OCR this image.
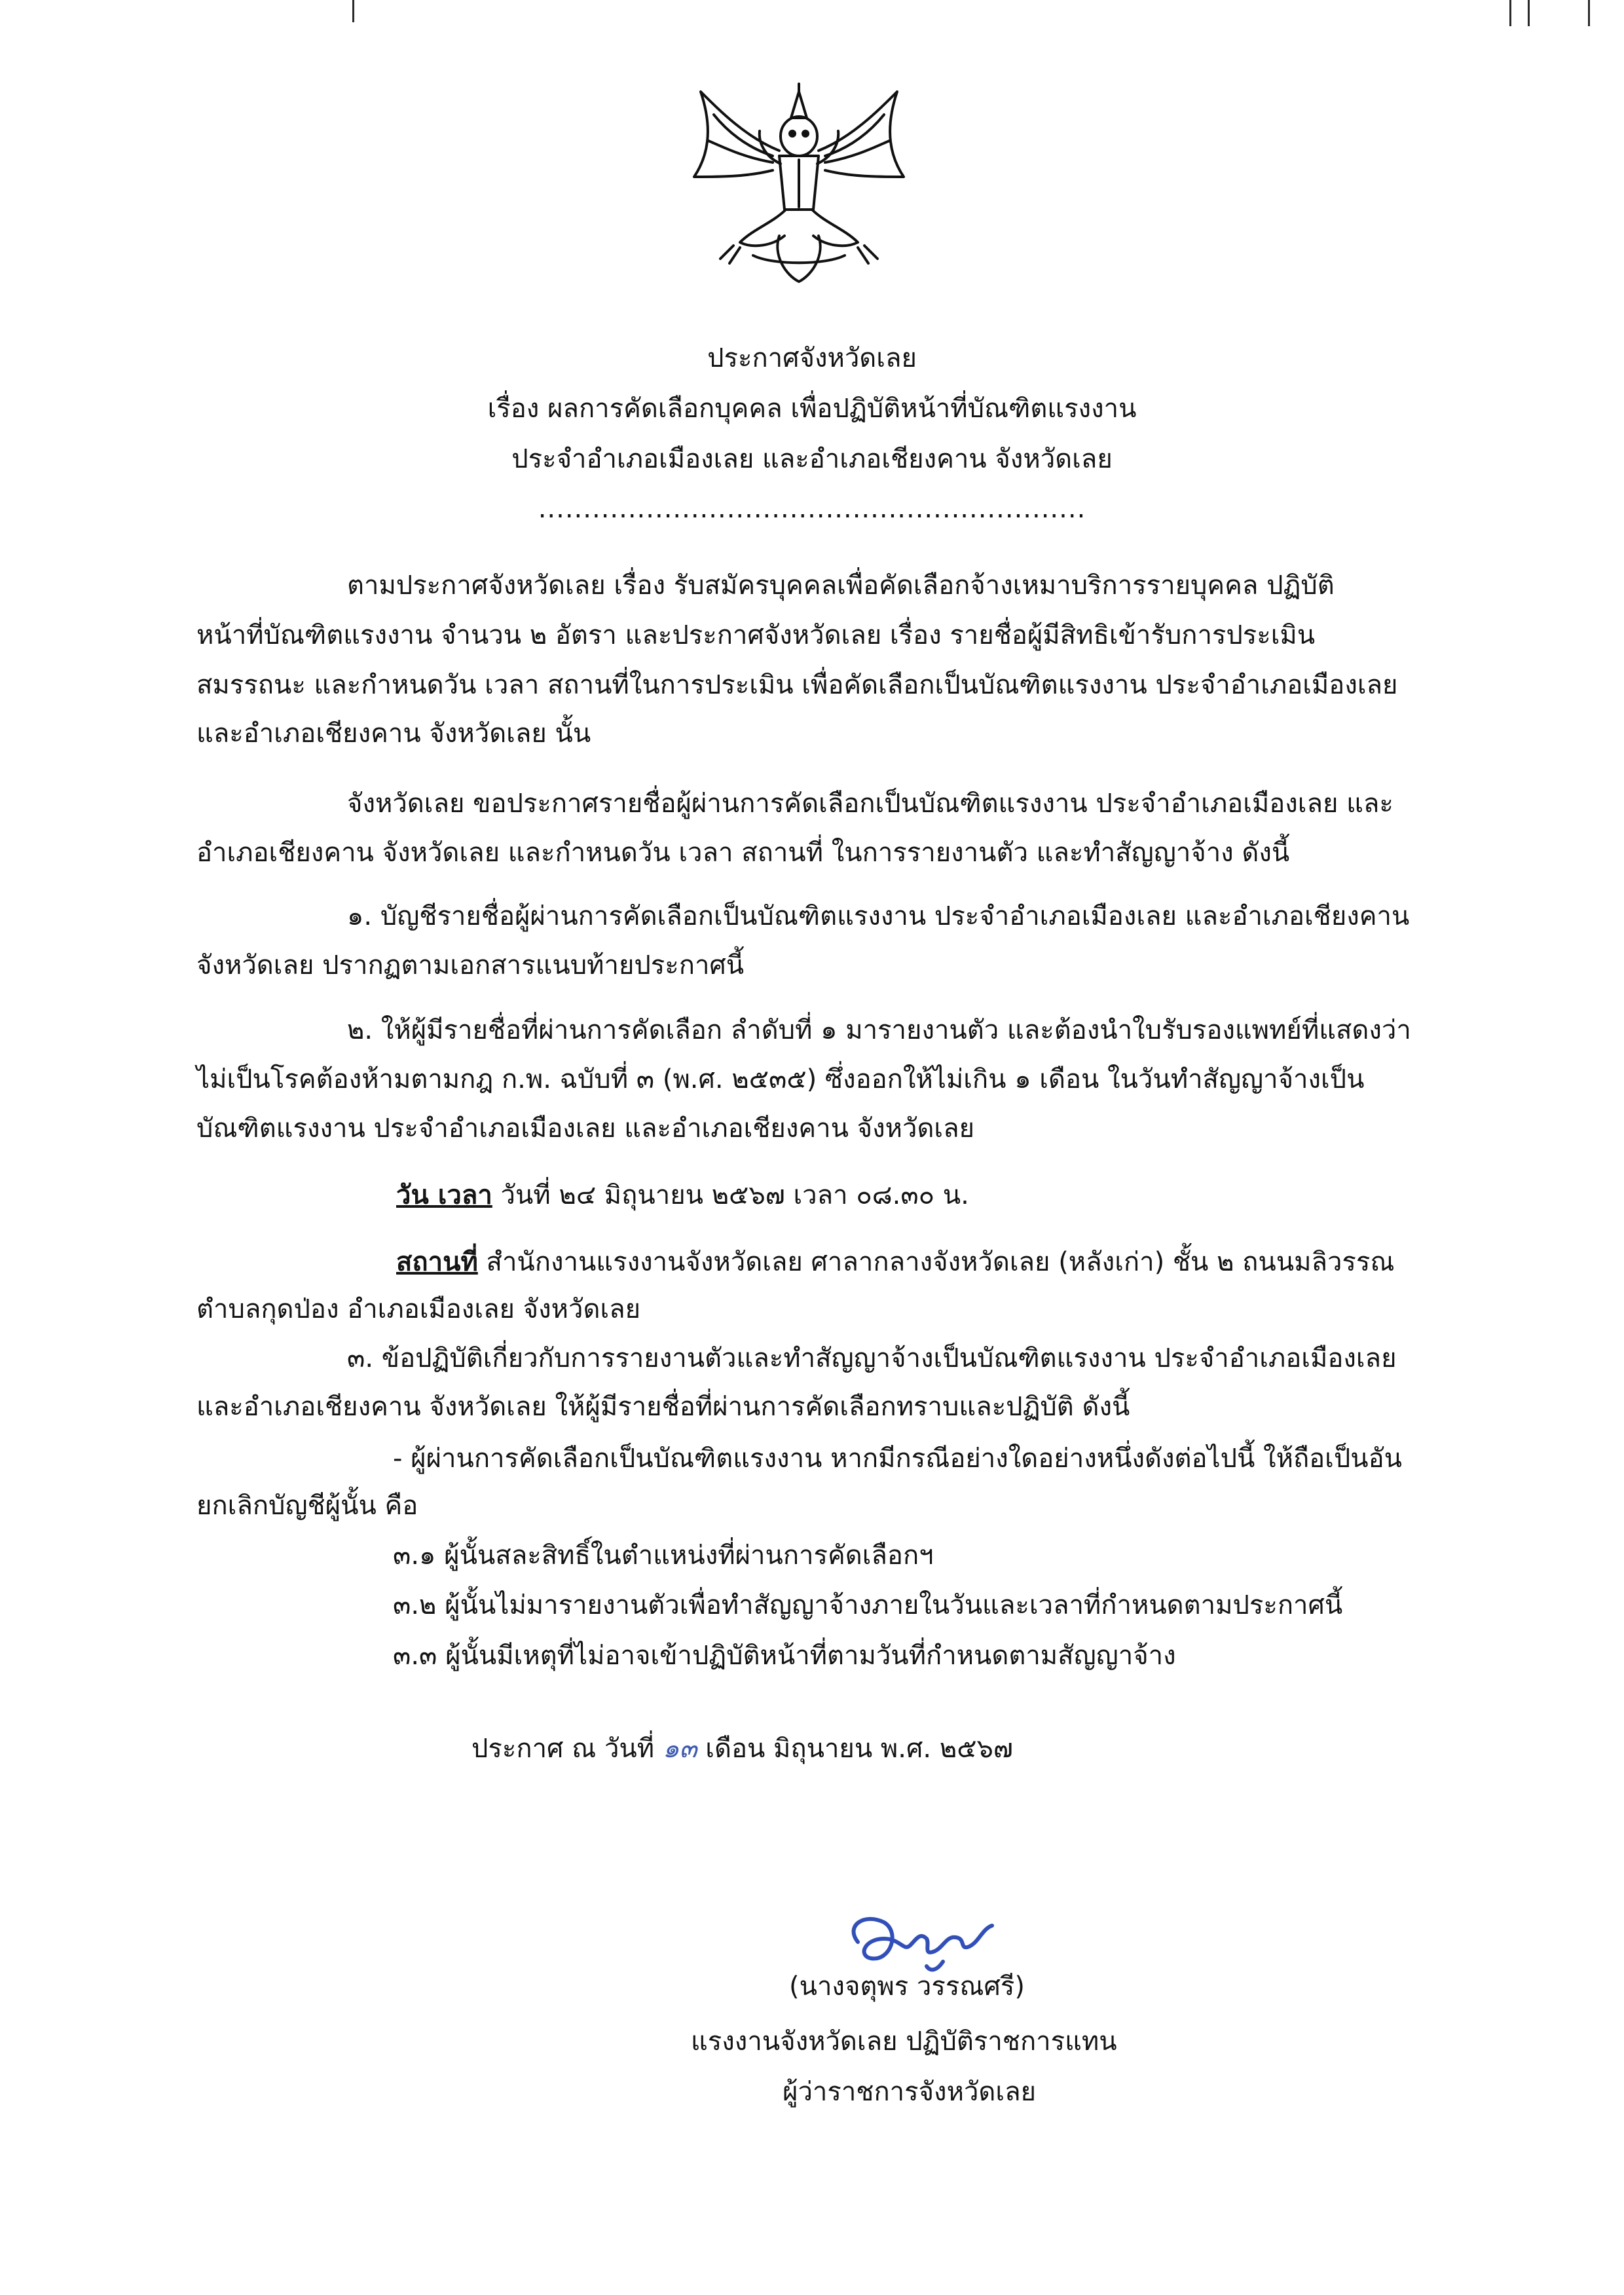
ประกาศจังหวัดเลย
เรื่อง ผลการคัดเลือกบุคคล เพื่อปฏิบัติหน้าที่บัณฑิตแรงงาน
ประจำอำเภอเมืองเลย และอำเภอเชียงคาน จังหวัดเลย
.............................................................
ตามประกาศจังหวัดเลย เรื่อง รับสมัครบุคคลเพื่อคัดเลือกจ้างเหมาบริการรายบุคคล ปฏิบัติ
หน้าที่บัณฑิตแรงงาน จำนวน ๒ อัตรา และประกาศจังหวัดเลย เรื่อง รายชื่อผู้มีสิทธิเข้ารับการประเมิน
สมรรถนะ และกำหนดวัน เวลา สถานที่ในการประเมิน เพื่อคัดเลือกเป็นบัณฑิตแรงงาน ประจำอำเภอเมืองเลย
และอำเภอเชียงคาน จังหวัดเลย นั้น
จังหวัดเลย ขอประกาศรายชื่อผู้ผ่านการคัดเลือกเป็นบัณฑิตแรงงาน ประจำอำเภอเมืองเลย และ
อำเภอเชียงคาน จังหวัดเลย และกำหนดวัน เวลา สถานที่ ในการรายงานตัว และทำสัญญาจ้าง ดังนี้
๑. บัญชีรายชื่อผู้ผ่านการคัดเลือกเป็นบัณฑิตแรงงาน ประจำอำเภอเมืองเลย และอำเภอเชียงคาน
จังหวัดเลย ปรากฏตามเอกสารแนบท้ายประกาศนี้
๒. ให้ผู้มีรายชื่อที่ผ่านการคัดเลือก ลำดับที่ ๑ มารายงานตัว และต้องนำใบรับรองแพทย์ที่แสดงว่า
ไม่เป็นโรคต้องห้ามตามกฎ ก.พ. ฉบับที่ ๓ (พ.ศ. ๒๕๓๕) ซึ่งออกให้ไม่เกิน ๑ เดือน ในวันทำสัญญาจ้างเป็น
บัณฑิตแรงงาน ประจำอำเภอเมืองเลย และอำเภอเชียงคาน จังหวัดเลย
วัน เวลา วันที่ ๒๔ มิถุนายน ๒๕๖๗ เวลา ๐๘.๓๐ น.
สถานที่ สำนักงานแรงงานจังหวัดเลย ศาลากลางจังหวัดเลย (หลังเก่า) ชั้น ๒ ถนนมลิวรรณ
ตำบลกุดป่อง อำเภอเมืองเลย จังหวัดเลย
๓. ข้อปฏิบัติเกี่ยวกับการรายงานตัวและทำสัญญาจ้างเป็นบัณฑิตแรงงาน ประจำอำเภอเมืองเลย
และอำเภอเชียงคาน จังหวัดเลย ให้ผู้มีรายชื่อที่ผ่านการคัดเลือกทราบและปฏิบัติ ดังนี้
- ผู้ผ่านการคัดเลือกเป็นบัณฑิตแรงงาน หากมีกรณีอย่างใดอย่างหนึ่งดังต่อไปนี้ ให้ถือเป็นอัน
ยกเลิกบัญชีผู้นั้น คือ
๓.๑ ผู้นั้นสละสิทธิ์ในตำแหน่งที่ผ่านการคัดเลือกฯ
๓.๒ ผู้นั้นไม่มารายงานตัวเพื่อทำสัญญาจ้างภายในวันและเวลาที่กำหนดตามประกาศนี้
๓.๓ ผู้นั้นมีเหตุที่ไม่อาจเข้าปฏิบัติหน้าที่ตามวันที่กำหนดตามสัญญาจ้าง
ประกาศ ณ วันที่ ๑๓ เดือน มิถุนายน พ.ศ. ๒๕๖๗
(นางจตุพร วรรณศรี)
แรงงานจังหวัดเลย ปฏิบัติราชการแทน
ผู้ว่าราชการจังหวัดเลย
